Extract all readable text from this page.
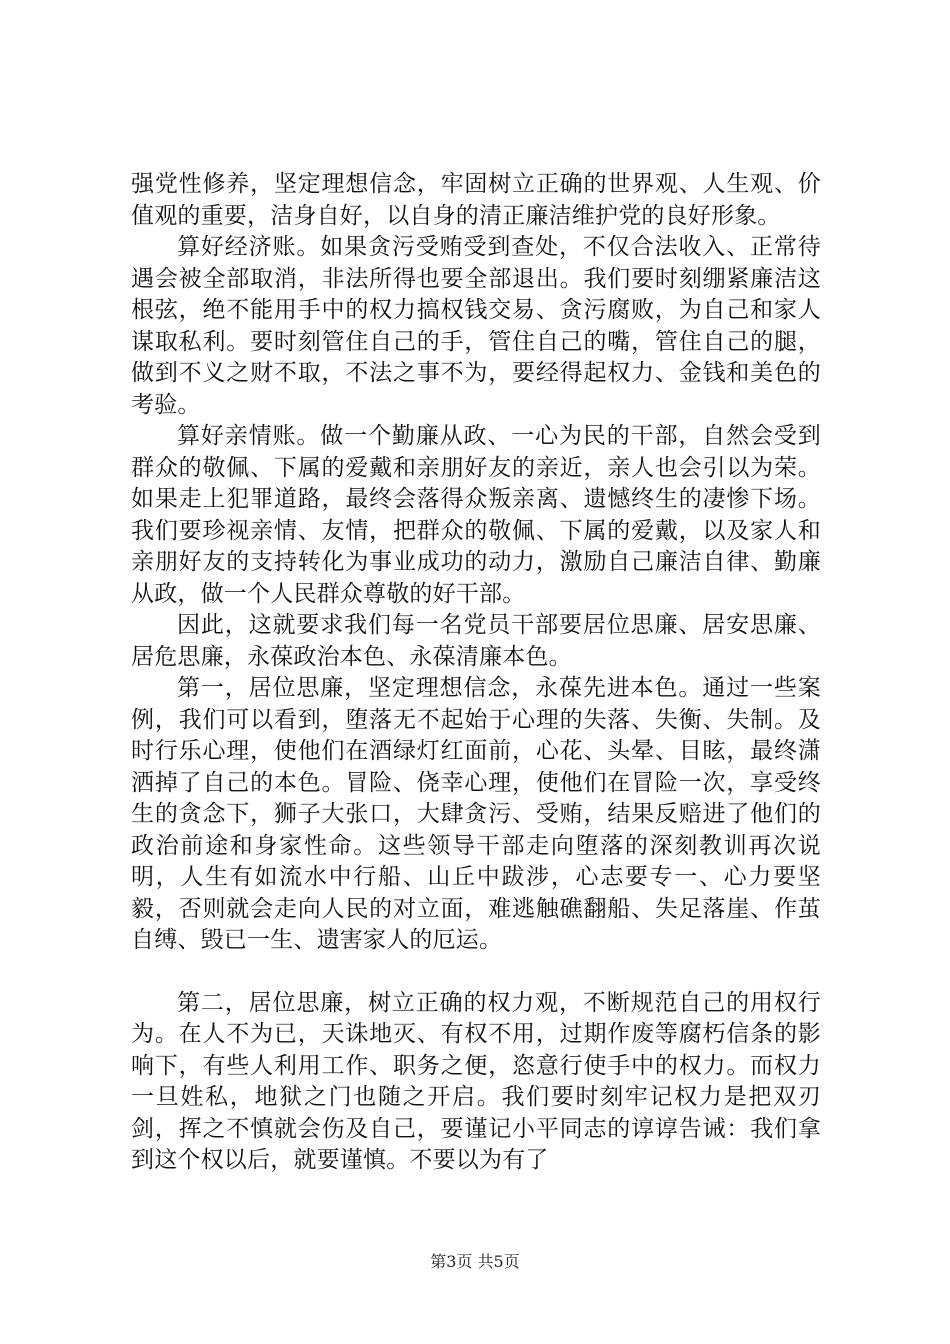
强党性修养，坚定理想信念，牢固树立正确的世界观、人生观、价值观的重要，洁身自好，以自身的清正廉洁维护党的良好形象。

算好经济账。如果贪污受贿受到查处，不仅合法收入、正常待遇会被全部取消，非法所得也要全部退出。我们要时刻绷紧廉洁这根弦，绝不能用手中的权力搞权钱交易、贪污腐败，为自己和家人谋取私利。要时刻管住自己的手，管住自己的嘴，管住自己的腿，做到不义之财不取，不法之事不为，要经得起权力、金钱和美色的考验。

算好亲情账。做一个勤廉从政、一心为民的干部，自然会受到群众的敬佩、下属的爱戴和亲朋好友的亲近，亲人也会引以为荣。如果走上犯罪道路，最终会落得众叛亲离、遗憾终生的凄惨下场。我们要珍视亲情、友情，把群众的敬佩、下属的爱戴，以及家人和亲朋好友的支持转化为事业成功的动力，激励自己廉洁自律、勤廉从政，做一个人民群众尊敬的好干部。

因此，这就要求我们每一名党员干部要居位思廉、居安思廉、居危思廉，永葆政治本色、永葆清廉本色。

第一，居位思廉，坚定理想信念，永葆先进本色。通过一些案例，我们可以看到，堕落无不起始于心理的失落、失衡、失制。及时行乐心理，使他们在酒绿灯红面前，心花、头晕、目眩，最终潇洒掉了自己的本色。冒险、侥幸心理，使他们在冒险一次，享受终生的贪念下，狮子大张口，大肆贪污、受贿，结果反赔进了他们的政治前途和身家性命。这些领导干部走向堕落的深刻教训再次说明，人生有如流水中行船、山丘中跋涉，心志要专一、心力要坚毅，否则就会走向人民的对立面，难逃触礁翻船、失足落崖、作茧自缚、毁已一生、遗害家人的厄运。

第二，居位思廉，树立正确的权力观，不断规范自己的用权行为。在人不为已，天诛地灭、有权不用，过期作废等腐朽信条的影响下，有些人利用工作、职务之便，恣意行使手中的权力。而权力一旦姓私，地狱之门也随之开启。我们要时刻牢记权力是把双刃剑，挥之不慎就会伤及自己，要谨记小平同志的谆谆告诫：我们拿到这个权以后，就要谨慎。不要以为有了

第3页 共5页
